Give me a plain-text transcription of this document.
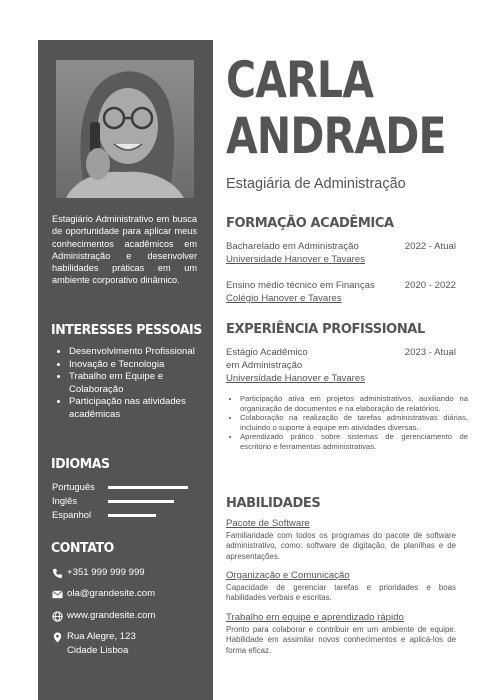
Estagiário Administrativo em busca de oportunidade para aplicar meus conhecimentos acadêmicos em Administração e desenvolver habilidades práticas em um ambiente corporativo dinâmico.
INTERESSES PESSOAIS
• Desenvolvimento Profissional
• Inovação e Tecnologia
• Trabalho em Equipe e Colaboração
• Participação nas atividades acadêmicas
IDIOMAS
Português
Inglês
Espanhol
CONTATO
+351 999 999 999
ola@grandesite.com
www.grandesite.com
Rua Alegre, 123
Cidade Lisboa
CARLA
ANDRADE
Estagiária de Administração
FORMAÇÃO ACADÊMICA
Bacharelado em Administração	2022 - Atual
Universidade Hanover e Tavares
Ensino médio técnico em Finanças	2020 - 2022
Colégio Hanover e Tavares
EXPERIÊNCIA PROFISSIONAL
Estágio Acadêmico
em Administração
2023 - Atual
Universidade Hanover e Tavares
• Participação ativa em projetos administrativos, auxiliando na organização de documentos e na elaboração de relatórios.
• Colaboração na realização de tarefas administrativas diárias, incluindo o suporte à equipe em atividades diversas.
• Aprendizado prático sobre sistemas de gerenciamento de escritório e ferramentas administrativas.
HABILIDADES
Pacote de Software
Familiaridade com todos os programas do pacote de software administrativo, como: software de digitação, de planilhas e de apresentações.
Organização e Comunicação
Capacidade de gerenciar tarefas e prioridades e boas habilidades verbais e escritas.
Trabalho em equipe e aprendizado rápido
Pronto para colaborar e contribuir em um ambiente de equipe. Habilidade em assimilar novos conhecimentos e aplicá-los de forma eficaz.
